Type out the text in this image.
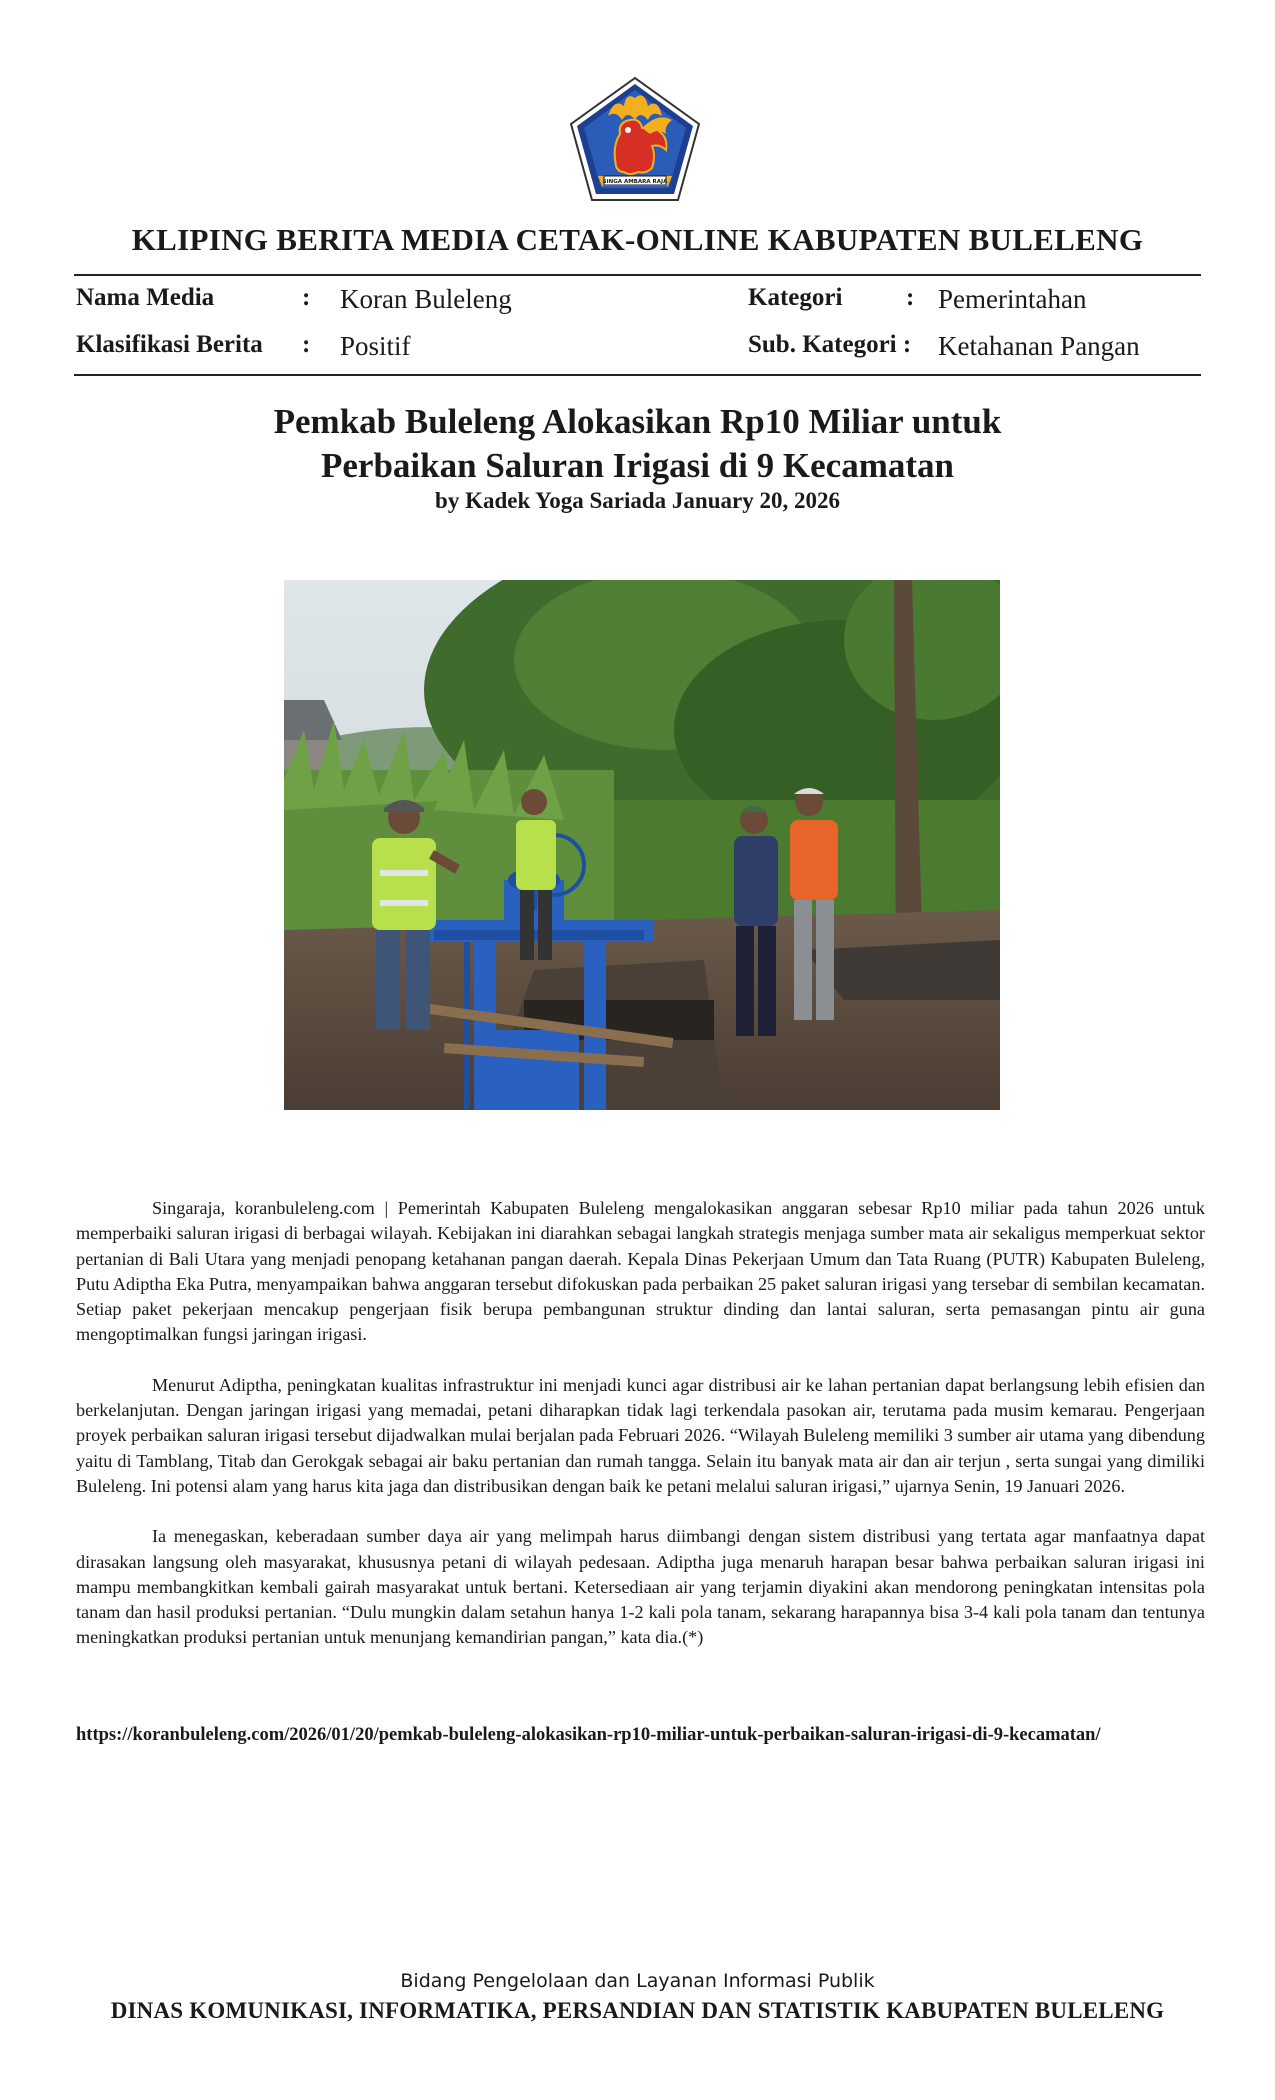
SINGA AMBARA RAJA
KLIPING BERITA MEDIA CETAK-ONLINE KABUPATEN BULELENG
Nama Media	: Koran Buleleng	Kategori	: Pemerintahan
Klasifikasi Berita : Positif	Sub. Kategori : Ketahanan Pangan
Pemkab Buleleng Alokasikan Rp10 Miliar untuk
Perbaikan Saluran Irigasi di 9 Kecamatan
by Kadek Yoga Sariada January 20, 2026

Singaraja, koranbuleleng.com | Pemerintah Kabupaten Buleleng mengalokasikan anggaran sebesar Rp10 miliar pada tahun 2026 untuk memperbaiki saluran irigasi di berbagai wilayah. Kebijakan ini diarahkan sebagai langkah strategis menjaga sumber mata air sekaligus memperkuat sektor pertanian di Bali Utara yang menjadi penopang ketahanan pangan daerah. Kepala Dinas Pekerjaan Umum dan Tata Ruang (PUTR) Kabupaten Buleleng, Putu Adiptha Eka Putra, menyampaikan bahwa anggaran tersebut difokuskan pada perbaikan 25 paket saluran irigasi yang tersebar di sembilan kecamatan. Setiap paket pekerjaan mencakup pengerjaan fisik berupa pembangunan struktur dinding dan lantai saluran, serta pemasangan pintu air guna mengoptimalkan fungsi jaringan irigasi.

Menurut Adiptha, peningkatan kualitas infrastruktur ini menjadi kunci agar distribusi air ke lahan pertanian dapat berlangsung lebih efisien dan berkelanjutan. Dengan jaringan irigasi yang memadai, petani diharapkan tidak lagi terkendala pasokan air, terutama pada musim kemarau. Pengerjaan proyek perbaikan saluran irigasi tersebut dijadwalkan mulai berjalan pada Februari 2026. “Wilayah Buleleng memiliki 3 sumber air utama yang dibendung yaitu di Tamblang, Titab dan Gerokgak sebagai air baku pertanian dan rumah tangga. Selain itu banyak mata air dan air terjun , serta sungai yang dimiliki Buleleng. Ini potensi alam yang harus kita jaga dan distribusikan dengan baik ke petani melalui saluran irigasi,” ujarnya Senin, 19 Januari 2026.

Ia menegaskan, keberadaan sumber daya air yang melimpah harus diimbangi dengan sistem distribusi yang tertata agar manfaatnya dapat dirasakan langsung oleh masyarakat, khususnya petani di wilayah pedesaan. Adiptha juga menaruh harapan besar bahwa perbaikan saluran irigasi ini mampu membangkitkan kembali gairah masyarakat untuk bertani. Ketersediaan air yang terjamin diyakini akan mendorong peningkatan intensitas pola tanam dan hasil produksi pertanian. “Dulu mungkin dalam setahun hanya 1-2 kali pola tanam, sekarang harapannya bisa 3-4 kali pola tanam dan tentunya meningkatkan produksi pertanian untuk menunjang kemandirian pangan,” kata dia.(*)

https://koranbuleleng.com/2026/01/20/pemkab-buleleng-alokasikan-rp10-miliar-untuk-perbaikan-saluran-irigasi-di-9-kecamatan/
Bidang Pengelolaan dan Layanan Informasi Publik
DINAS KOMUNIKASI, INFORMATIKA, PERSANDIAN DAN STATISTIK KABUPATEN BULELENG
